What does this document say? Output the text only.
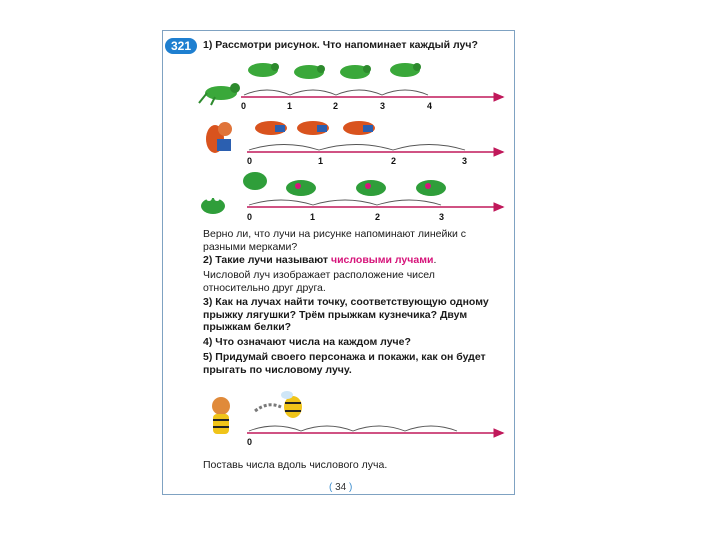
321	1) Рассмотри рисунок. Что напоминает каждый луч?
0	1	2	3	4
0	1	2	3
0	1	2	3
0
Верно ли, что лучи на рисунке напоминают линейки с разными мерками?
2) Такие лучи называют числовыми лучами.
Числовой луч изображает расположение чисел относительно друг друга.
3) Как на лучах найти точку, соответствующую одному прыжку лягушки? Трём прыжкам кузнечика? Двум прыжкам белки?
4) Что означают числа на каждом луче?
5) Придумай своего персонажа и покажи, как он будет прыгать по числовому лучу.
Поставь числа вдоль числового луча.
( 34 )
